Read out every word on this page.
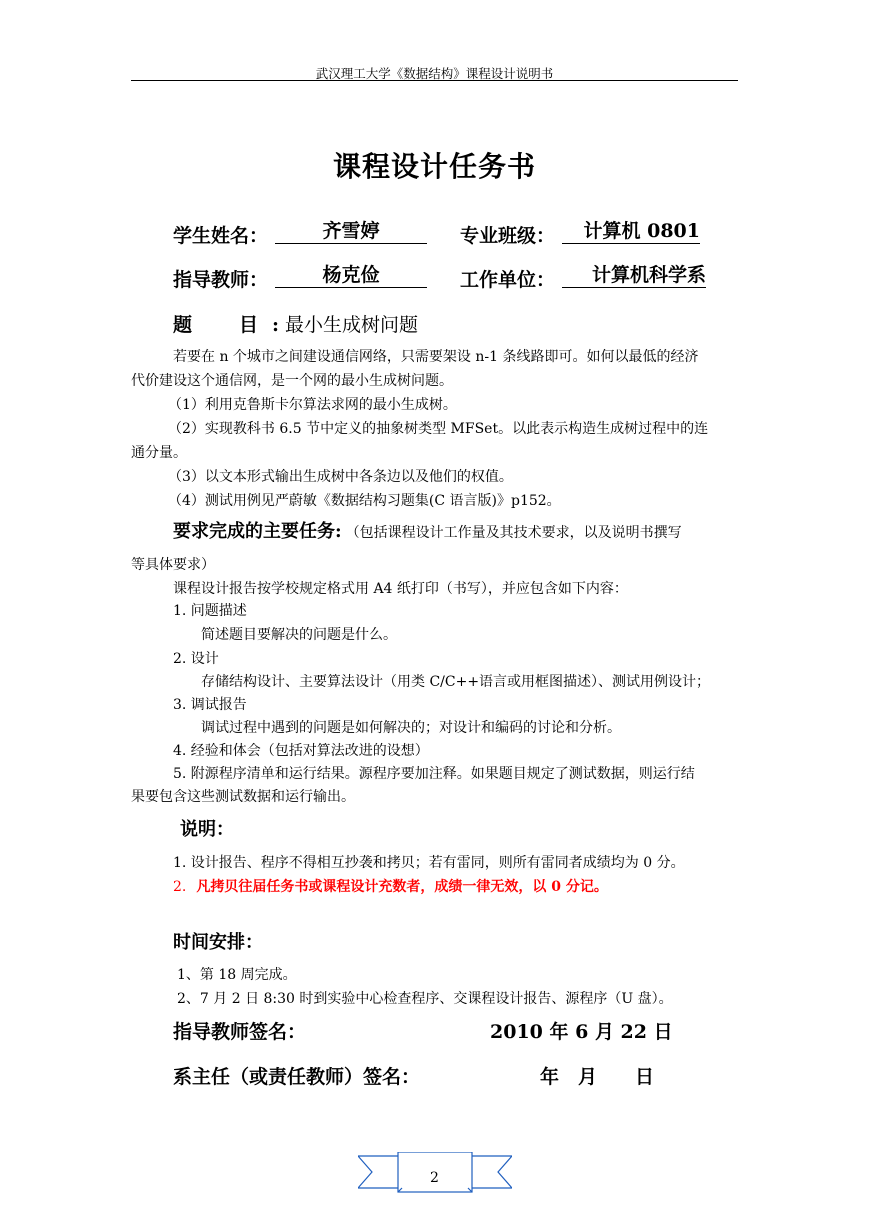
武汉理工大学《数据结构》课程设计说明书
课程设计任务书
学生姓名：	齐雪婷	专业班级：	计算机 0801
指导教师：	杨克俭	工作单位：	计算机科学系
题　目: 最小生成树问题
若要在 n 个城市之间建设通信网络，只需要架设 n-1 条线路即可。如何以最低的经济
代价建设这个通信网，是一个网的最小生成树问题。
（1）利用克鲁斯卡尔算法求网的最小生成树。
（2）实现教科书 6.5 节中定义的抽象树类型 MFSet。以此表示构造生成树过程中的连
通分量。
（3）以文本形式输出生成树中各条边以及他们的权值。
（4）测试用例见严蔚敏《数据结构习题集(C 语言版)》p152。
要求完成的主要任务: （包括课程设计工作量及其技术要求，以及说明书撰写
等具体要求）
课程设计报告按学校规定格式用 A4 纸打印（书写），并应包含如下内容：
1. 问题描述
简述题目要解决的问题是什么。
2. 设计
存储结构设计、主要算法设计（用类 C/C++语言或用框图描述）、测试用例设计；
3. 调试报告
调试过程中遇到的问题是如何解决的；对设计和编码的讨论和分析。
4. 经验和体会（包括对算法改进的设想）
5. 附源程序清单和运行结果。源程序要加注释。如果题目规定了测试数据，则运行结
果要包含这些测试数据和运行输出。
说明：
1. 设计报告、程序不得相互抄袭和拷贝；若有雷同，则所有雷同者成绩均为 0 分。
2. 凡拷贝往届任务书或课程设计充数者，成绩一律无效，以 0 分记。
时间安排：
1、第 18 周完成。
2、7 月 2 日 8:30 时到实验中心检查程序、交课程设计报告、源程序（U 盘）。
指导教师签名：	2010 年 6 月 22 日
系主任（或责任教师）签名：	年　月　　日
2
